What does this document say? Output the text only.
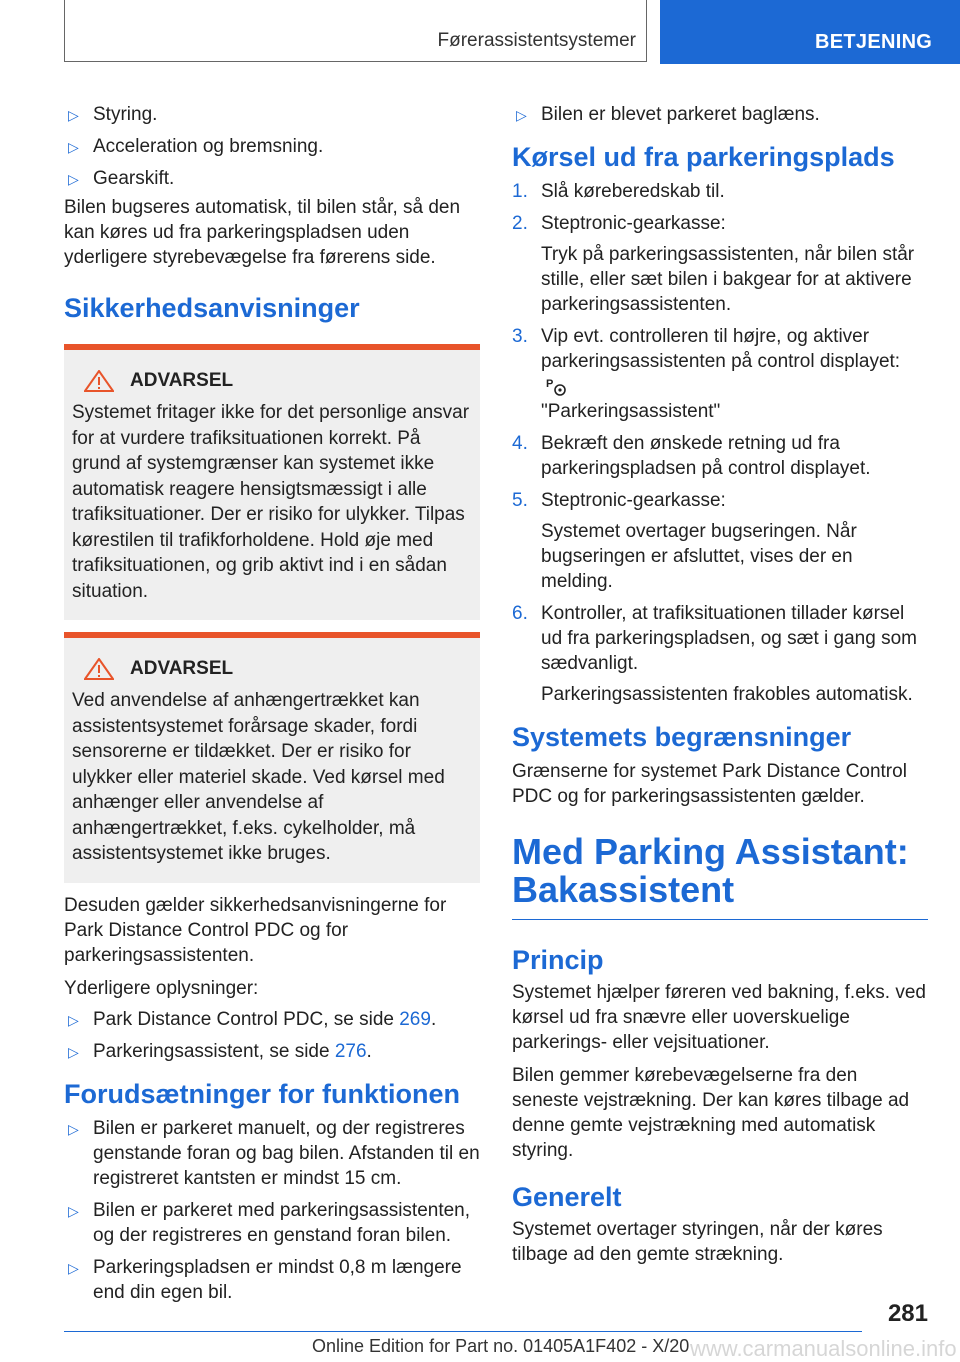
Førerassistentsystemer	BETJENING
▷ Styring.
▷ Acceleration og bremsning.
▷ Gearskift.

Bilen bugseres automatisk, til bilen står, så den kan køres ud fra parkeringspladsen uden yderligere styrebevægelse fra førerens side.

Sikkerhedsanvisninger
ADVARSEL

Systemet fritager ikke for det personlige ansvar for at vurdere trafiksituationen korrekt. På grund af systemgrænser kan systemet ikke automatisk reagere hensigtsmæssigt i alle trafiksituationer. Der er risiko for ulykker. Tilpas kørestilen til trafikforholdene. Hold øje med trafiksituationen, og grib aktivt ind i en sådan situation.

ADVARSEL

Ved anvendelse af anhængertrækket kan assistentsystemet forårsage skader, fordi sensorerne er tildækket. Der er risiko for ulykker eller materiel skade. Ved kørsel med anhænger eller anvendelse af anhængertrækket, f.eks. cykelholder, må assistentsystemet ikke bruges.

Desuden gælder sikkerhedsanvisningerne for Park Distance Control PDC og for parkeringsassistenten.

Yderligere oplysninger:

▷ Park Distance Control PDC, se side 269.
▷ Parkeringsassistent, se side 276.
Forudsætninger for funktionen
▷ Bilen er parkeret manuelt, og der registreres genstande foran og bag bilen. Afstanden til en registreret kantsten er mindst 15 cm.
▷ Bilen er parkeret med parkeringsassistenten, og der registreres en genstand foran bilen.
▷ Parkeringspladsen er mindst 0,8 m længere end din egen bil.
▷ Bilen er blevet parkeret baglæns.
Kørsel ud fra parkeringsplads
1. Slå køreberedskab til.
2. Steptronic-gearkasse:
Tryk på parkeringsassistenten, når bilen står stille, eller sæt bilen i bakgear for at aktivere parkeringsassistenten.
3. Vip evt. controlleren til højre, og aktiver parkeringsassistenten på control displayet:
P

"Parkeringsassistent"
4. Bekræft den ønskede retning ud fra parkeringspladsen på control displayet.
5. Steptronic-gearkasse:
Systemet overtager bugseringen. Når bugseringen er afsluttet, vises der en melding.
6. Kontroller, at trafiksituationen tillader kørsel ud fra parkeringspladsen, og sæt i gang som sædvanligt.
Parkeringsassistenten frakobles automatisk.
Systemets begrænsninger

Grænserne for systemet Park Distance Control PDC og for parkeringsassistenten gælder.

Med Parking Assistant: Bakassistent
Princip

Systemet hjælper føreren ved bakning, f.eks. ved kørsel ud fra snævre eller uoverskuelige parkerings- eller vejsituationer.

Bilen gemmer kørebevægelserne fra den seneste vejstrækning. Der kan køres tilbage ad denne gemte vejstrækning med automatisk styring.

Generelt

Systemet overtager styringen, når der køres tilbage ad den gemte strækning.

281
Online Edition for Part no. 01405A1F402 - X/20 www.carmanualsonline.info
